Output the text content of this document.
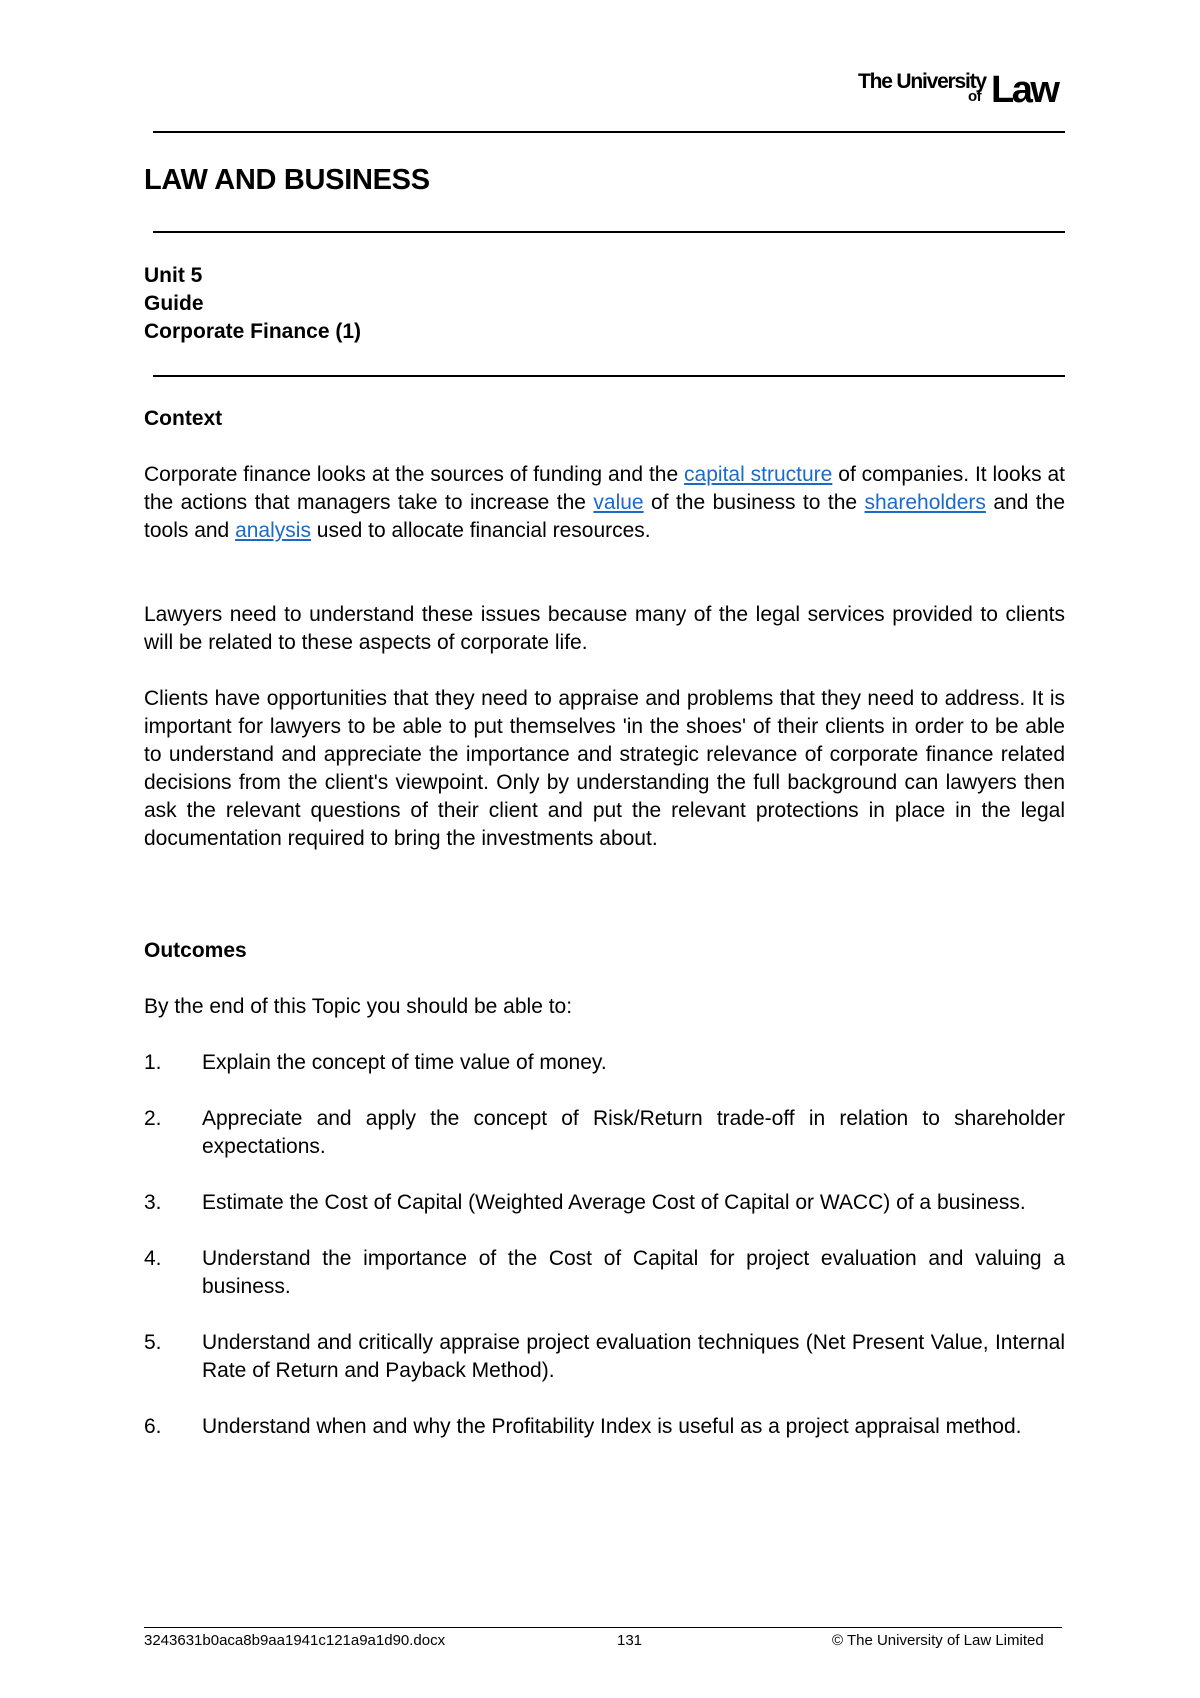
The University
of Law
LAW AND BUSINESS
Unit 5
Guide
Corporate Finance (1)
Context

Corporate finance looks at the sources of funding and the capital structure of companies. It looks at the actions that managers take to increase the value of the business to the shareholders and the tools and analysis used to allocate financial resources.

Lawyers need to understand these issues because many of the legal services provided to clients will be related to these aspects of corporate life.

Clients have opportunities that they need to appraise and problems that they need to address. It is important for lawyers to be able to put themselves 'in the shoes' of their clients in order to be able to understand and appreciate the importance and strategic relevance of corporate finance related decisions from the client's viewpoint. Only by understanding the full background can lawyers then ask the relevant questions of their client and put the relevant protections in place in the legal documentation required to bring the investments about.

Outcomes
By the end of this Topic you should be able to:
1. Explain the concept of time value of money.
2. Appreciate and apply the concept of Risk/Return trade-off in relation to shareholder expectations.
3. Estimate the Cost of Capital (Weighted Average Cost of Capital or WACC) of a business.
4. Understand the importance of the Cost of Capital for project evaluation and valuing a business.
5. Understand and critically appraise project evaluation techniques (Net Present Value, Internal Rate of Return and Payback Method).
6. Understand when and why the Profitability Index is useful as a project appraisal method.
3243631b0aca8b9aa1941c121a9a1d90.docx	131	© The University of Law Limited
